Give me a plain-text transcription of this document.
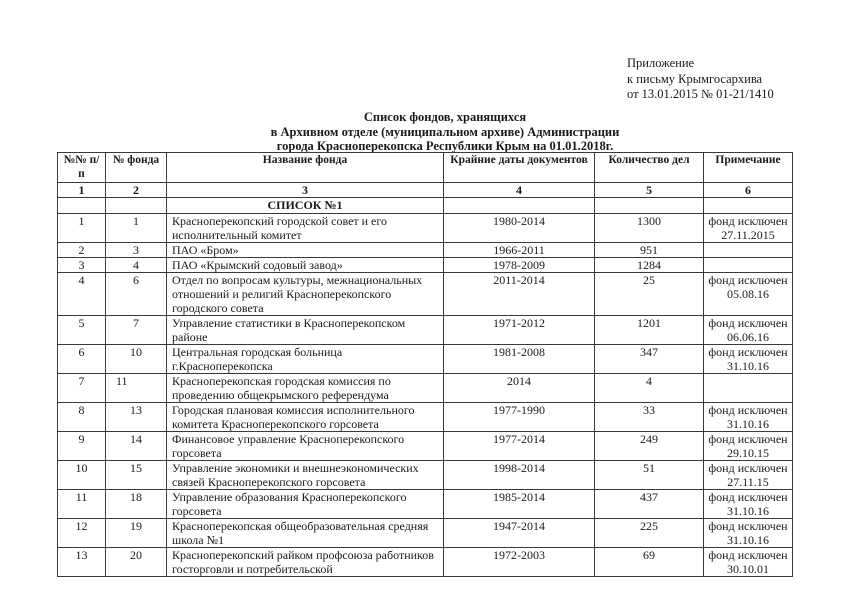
Приложение
к письму Крымгосархива
от 13.01.2015 № 01-21/1410
Список фондов, хранящихся
в Архивном отделе (муниципальном архиве) Администрации
города Красноперекопска Республики Крым на 01.01.2018г.
№№ п/п	№ фонда	Название фонда	Крайние даты документов	Количество дел	Примечание
1	2	3	4	5	6
		СПИСОК №1			
1	1	Красноперекопский городской совет и его исполнительный комитет	1980-2014	1300	фонд исключен 27.11.2015
2	3	ПАО «Бром»	1966-2011	951	
3	4	ПАО «Крымский содовый завод»	1978-2009	1284	
4	6	Отдел по вопросам культуры, межнациональных отношений и религий Красноперекопского городского совета	2011-2014	25	фонд исключен 05.08.16
5	7	Управление статистики в Красноперекопском районе	1971-2012	1201	фонд исключен 06.06.16
6	10	Центральная городская больница г.Красноперекопска	1981-2008	347	фонд исключен 31.10.16
7	11	Красноперекопская городская комиссия по проведению общекрымского референдума	2014	4	
8	13	Городская плановая комиссия исполнительного комитета Красноперекопского горсовета	1977-1990	33	фонд исключен 31.10.16
9	14	Финансовое управление Красноперекопского горсовета	1977-2014	249	фонд исключен 29.10.15
10	15	Управление экономики и внешнеэкономических связей Красноперекопского горсовета	1998-2014	51	фонд исключен 27.11.15
11	18	Управление образования Красноперекопского горсовета	1985-2014	437	фонд исключен 31.10.16
12	19	Красноперекопская общеобразовательная средняя школа №1	1947-2014	225	фонд исключен 31.10.16
13	20	Красноперекопский райком профсоюза работников госторговли и потребительской	1972-2003	69	фонд исключен 30.10.01
